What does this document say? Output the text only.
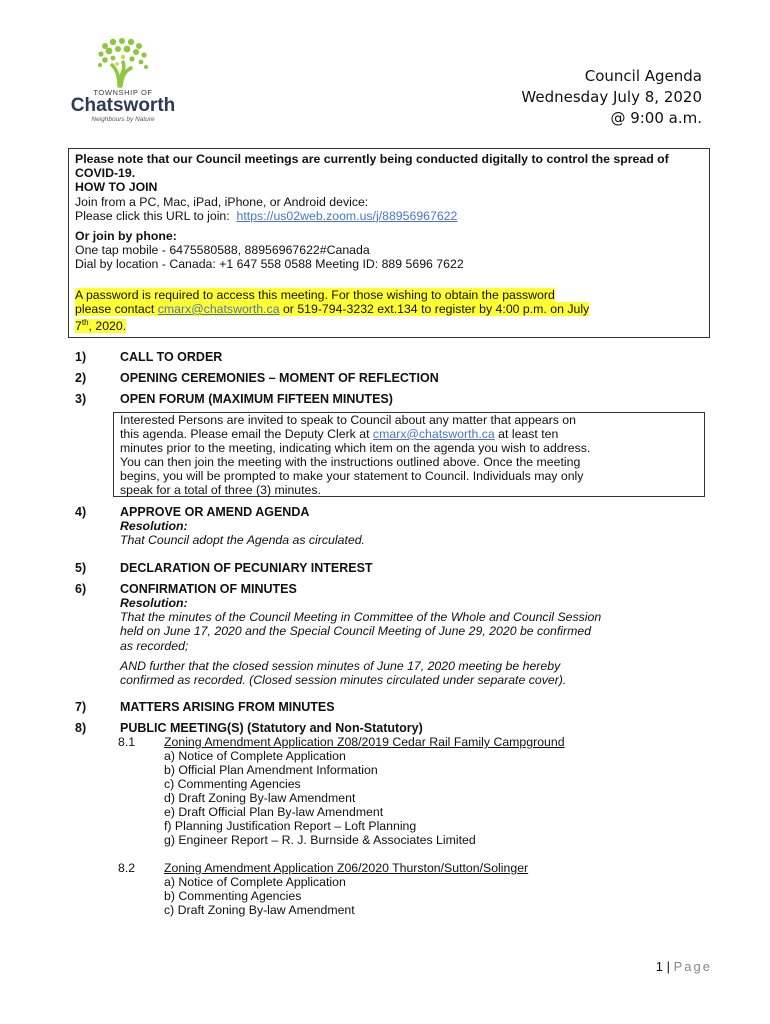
TOWNSHIP OF
Chatsworth
Neighbours by Nature
Council Agenda
Wednesday July 8, 2020
@ 9:00 a.m.
Please note that our Council meetings are currently being conducted digitally to control the spread of COVID-19.
HOW TO JOIN
Join from a PC, Mac, iPad, iPhone, or Android device:
Please click this URL to join: https://us02web.zoom.us/j/88956967622
Or join by phone:
One tap mobile - 6475580588, 88956967622#Canada
Dial by location - Canada: +1 647 558 0588 Meeting ID: 889 5696 7622
A password is required to access this meeting. For those wishing to obtain the password
please contact cmarx@chatsworth.ca or 519-794-3232 ext.134 to register by 4:00 p.m. on July
7th, 2020.
1)	CALL TO ORDER
2)	OPENING CEREMONIES – MOMENT OF REFLECTION
3)	OPEN FORUM (MAXIMUM FIFTEEN MINUTES)
Interested Persons are invited to speak to Council about any matter that appears on
this agenda. Please email the Deputy Clerk at cmarx@chatsworth.ca at least ten
minutes prior to the meeting, indicating which item on the agenda you wish to address.
You can then join the meeting with the instructions outlined above. Once the meeting
begins, you will be prompted to make your statement to Council. Individuals may only
speak for a total of three (3) minutes.
4)	APPROVE OR AMEND AGENDA
Resolution:
That Council adopt the Agenda as circulated.
5)	DECLARATION OF PECUNIARY INTEREST
6)	CONFIRMATION OF MINUTES
Resolution:
That the minutes of the Council Meeting in Committee of the Whole and Council Session
held on June 17, 2020 and the Special Council Meeting of June 29, 2020 be confirmed
as recorded;
AND further that the closed session minutes of June 17, 2020 meeting be hereby
confirmed as recorded. (Closed session minutes circulated under separate cover).
7)	MATTERS ARISING FROM MINUTES
8)	PUBLIC MEETING(S) (Statutory and Non-Statutory)
8.1 Zoning Amendment Application Z08/2019 Cedar Rail Family Campground
a) Notice of Complete Application
b) Official Plan Amendment Information
c) Commenting Agencies
d) Draft Zoning By-law Amendment
e) Draft Official Plan By-law Amendment
f) Planning Justification Report – Loft Planning
g) Engineer Report – R. J. Burnside & Associates Limited
8.2 Zoning Amendment Application Z06/2020 Thurston/Sutton/Solinger
a) Notice of Complete Application
b) Commenting Agencies
c) Draft Zoning By-law Amendment
1 | Page
